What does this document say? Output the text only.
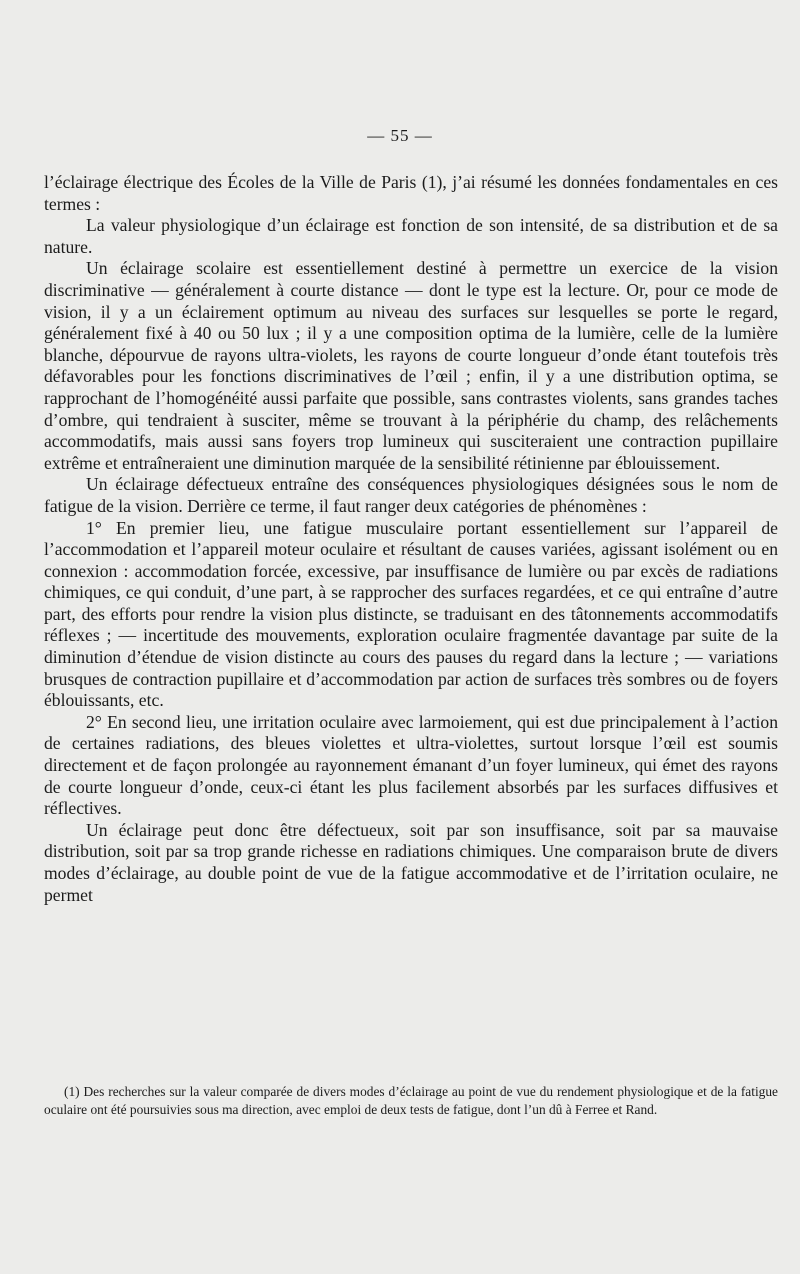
— 55 —

l’éclairage électrique des Écoles de la Ville de Paris (1), j’ai résumé les données fondamentales en ces termes :

La valeur physiologique d’un éclairage est fonction de son intensité, de sa distribution et de sa nature.

Un éclairage scolaire est essentiellement destiné à permettre un exercice de la vision discriminative — généralement à courte distance — dont le type est la lecture. Or, pour ce mode de vision, il y a un éclairement optimum au niveau des surfaces sur lesquelles se porte le regard, généralement fixé à 40 ou 50 lux ; il y a une composition optima de la lumière, celle de la lumière blanche, dépourvue de rayons ultra-violets, les rayons de courte longueur d’onde étant toutefois très défavorables pour les fonctions discriminatives de l’œil ; enfin, il y a une distribution optima, se rapprochant de l’homogénéité aussi parfaite que possible, sans contrastes violents, sans grandes taches d’ombre, qui tendraient à susciter, même se trouvant à la périphérie du champ, des relâchements accommodatifs, mais aussi sans foyers trop lumineux qui susciteraient une contraction pupillaire extrême et entraîneraient une diminution marquée de la sensibilité rétinienne par éblouissement.

Un éclairage défectueux entraîne des conséquences physiologiques désignées sous le nom de fatigue de la vision. Derrière ce terme, il faut ranger deux catégories de phénomènes :

1° En premier lieu, une fatigue musculaire portant essentiellement sur l’appareil de l’accommodation et l’appareil moteur oculaire et résultant de causes variées, agissant isolément ou en connexion : accommodation forcée, excessive, par insuffisance de lumière ou par excès de radiations chimiques, ce qui conduit, d’une part, à se rapprocher des surfaces regardées, et ce qui entraîne d’autre part, des efforts pour rendre la vision plus distincte, se traduisant en des tâtonnements accommodatifs réflexes ; — incertitude des mouvements, exploration oculaire fragmentée davantage par suite de la diminution d’étendue de vision distincte au cours des pauses du regard dans la lecture ; — variations brusques de contraction pupillaire et d’accommodation par action de surfaces très sombres ou de foyers éblouissants, etc.

2° En second lieu, une irritation oculaire avec larmoiement, qui est due principalement à l’action de certaines radiations, des bleues violettes et ultra-violettes, surtout lorsque l’œil est soumis directement et de façon prolongée au rayonnement émanant d’un foyer lumineux, qui émet des rayons de courte longueur d’onde, ceux-ci étant les plus facilement absorbés par les surfaces diffusives et réflectives.

Un éclairage peut donc être défectueux, soit par son insuffisance, soit par sa mauvaise distribution, soit par sa trop grande richesse en radiations chimiques. Une comparaison brute de divers modes d’éclairage, au double point de vue de la fatigue accommodative et de l’irritation oculaire, ne permet

(1) Des recherches sur la valeur comparée de divers modes d’éclairage au point de vue du rendement physiologique et de la fatigue oculaire ont été poursuivies sous ma direction, avec emploi de deux tests de fatigue, dont l’un dû à Ferree et Rand.
